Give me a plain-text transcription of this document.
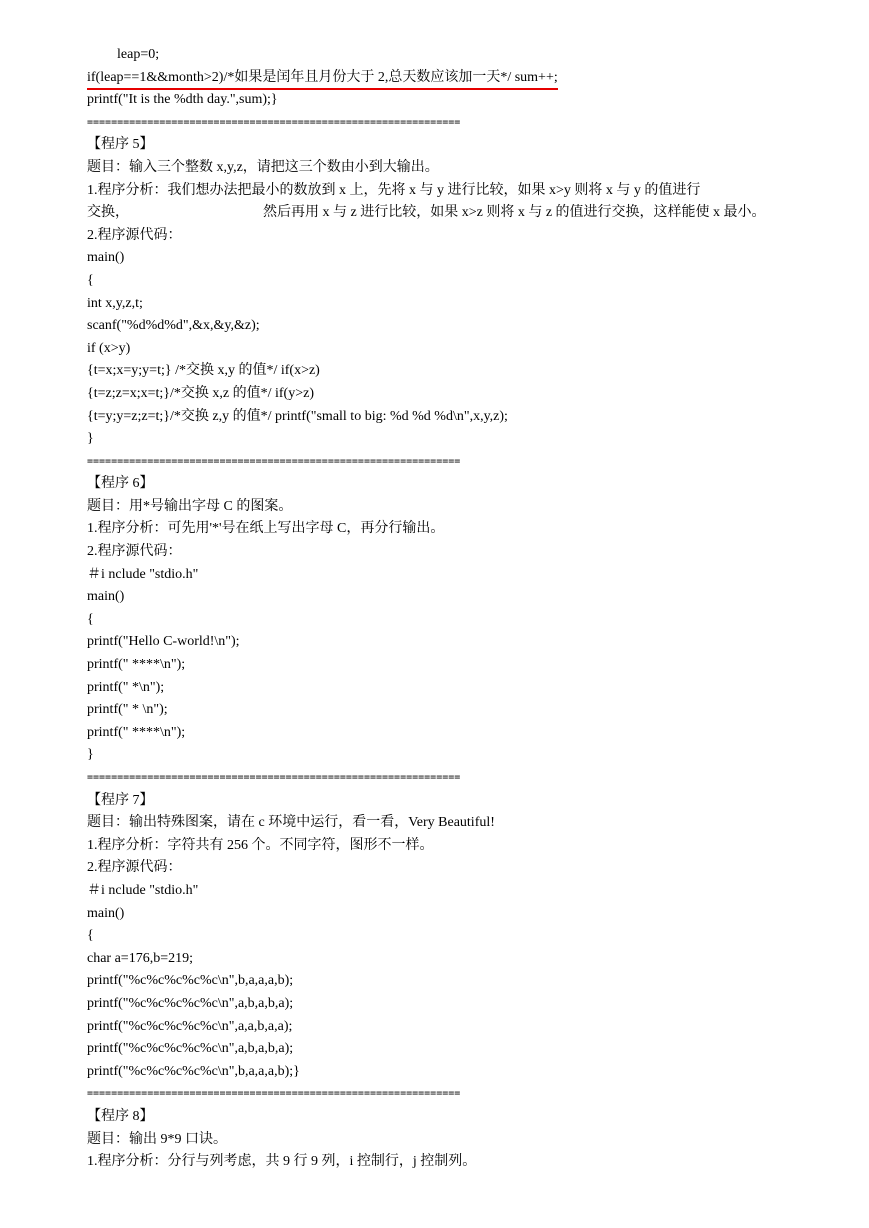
leap=0;
if(leap==1&&month>2)/*如果是闰年且月份大于 2,总天数应该加一天*/ sum++;
printf("It is the %dth day.",sum);}
==============================================================
【程序 5】
题目：输入三个整数 x,y,z，请把这三个数由小到大输出。
1.程序分析：我们想办法把最小的数放到 x 上，先将 x 与 y 进行比较，如果 x>y 则将 x 与 y 的值进行
交换，	然后再用 x 与 z 进行比较，如果 x>z 则将 x 与 z 的值进行交换，这样能使 x 最小。
2.程序源代码：
main()
{
int x,y,z,t;
scanf("%d%d%d",&x,&y,&z);
if (x>y)
{t=x;x=y;y=t;} /*交换 x,y 的值*/ if(x>z)
{t=z;z=x;x=t;}/*交换 x,z 的值*/ if(y>z)
{t=y;y=z;z=t;}/*交换 z,y 的值*/ printf("small to big: %d %d %d\n",x,y,z);
}
==============================================================
【程序 6】
题目：用*号输出字母 C 的图案。
1.程序分析：可先用'*'号在纸上写出字母 C，再分行输出。
2.程序源代码：
＃i nclude "stdio.h"
main()
{
printf("Hello C-world!\n");
printf(" ****\n");
printf(" *\n");
printf(" * \n");
printf(" ****\n");
}
==============================================================
【程序 7】
题目：输出特殊图案，请在 c 环境中运行，看一看，Very Beautiful!
1.程序分析：字符共有 256 个。不同字符，图形不一样。
2.程序源代码：
＃i nclude "stdio.h"
main()
{
char a=176,b=219;
printf("%c%c%c%c%c\n",b,a,a,a,b);
printf("%c%c%c%c%c\n",a,b,a,b,a);
printf("%c%c%c%c%c\n",a,a,b,a,a);
printf("%c%c%c%c%c\n",a,b,a,b,a);
printf("%c%c%c%c%c\n",b,a,a,a,b);}
==============================================================
【程序 8】
题目：输出 9*9 口诀。
1.程序分析：分行与列考虑，共 9 行 9 列，i 控制行，j 控制列。
